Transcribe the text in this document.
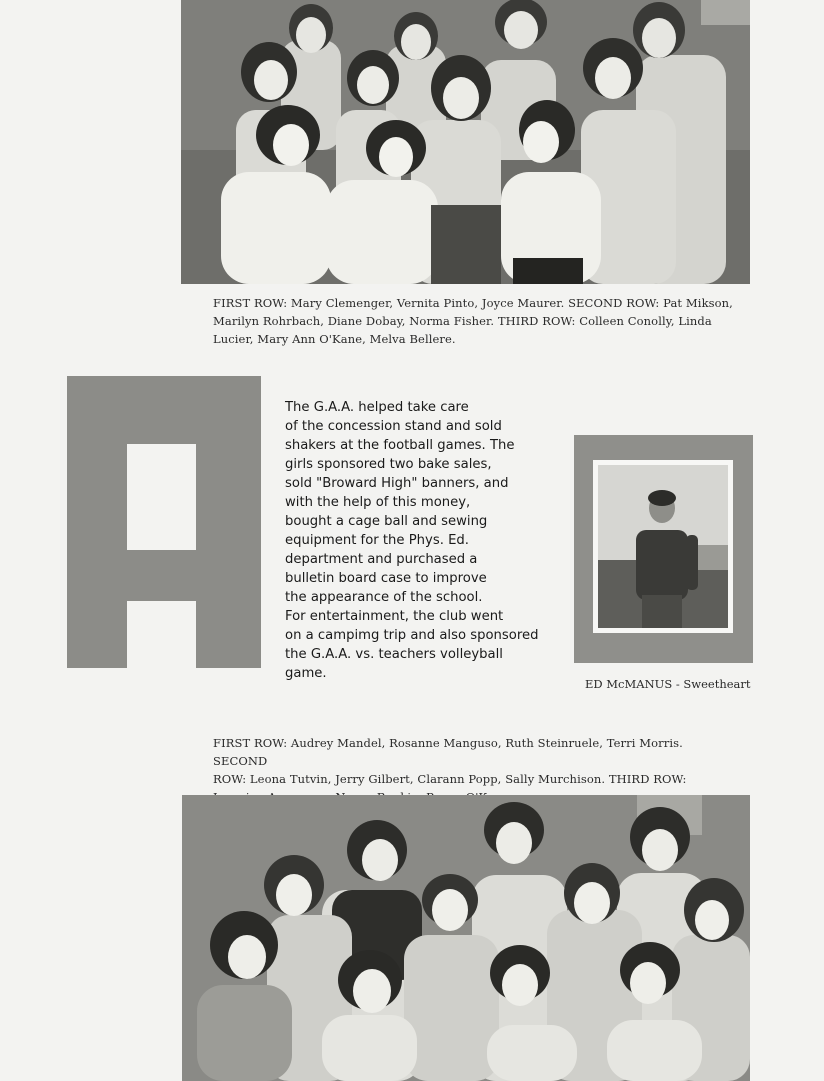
FIRST ROW: Mary Clemenger, Vernita Pinto, Joyce Maurer. SECOND ROW: Pat Mikson,
Marilyn Rohrbach, Diane Dobay, Norma Fisher. THIRD ROW: Colleen Conolly, Linda
Lucier, Mary Ann O'Kane, Melva Bellere.

The G.A.A. helped take care
of the concession stand and sold
shakers at the football games. The
girls sponsored two bake sales,
sold "Broward High" banners, and
with the help of this money,
bought a cage ball and sewing
equipment for the Phys. Ed.
department and purchased a
bulletin board case to improve
the appearance of the school.
For entertainment, the club went
on a campimg trip and also sponsored
the G.A.A. vs. teachers volleyball
game.

ED McMANUS - Sweetheart

FIRST ROW: Audrey Mandel, Rosanne Manguso, Ruth Steinruele, Terri Morris. SECOND
ROW: Leona Tutvin, Jerry Gilbert, Clarann Popp, Sally Murchison. THIRD ROW:
